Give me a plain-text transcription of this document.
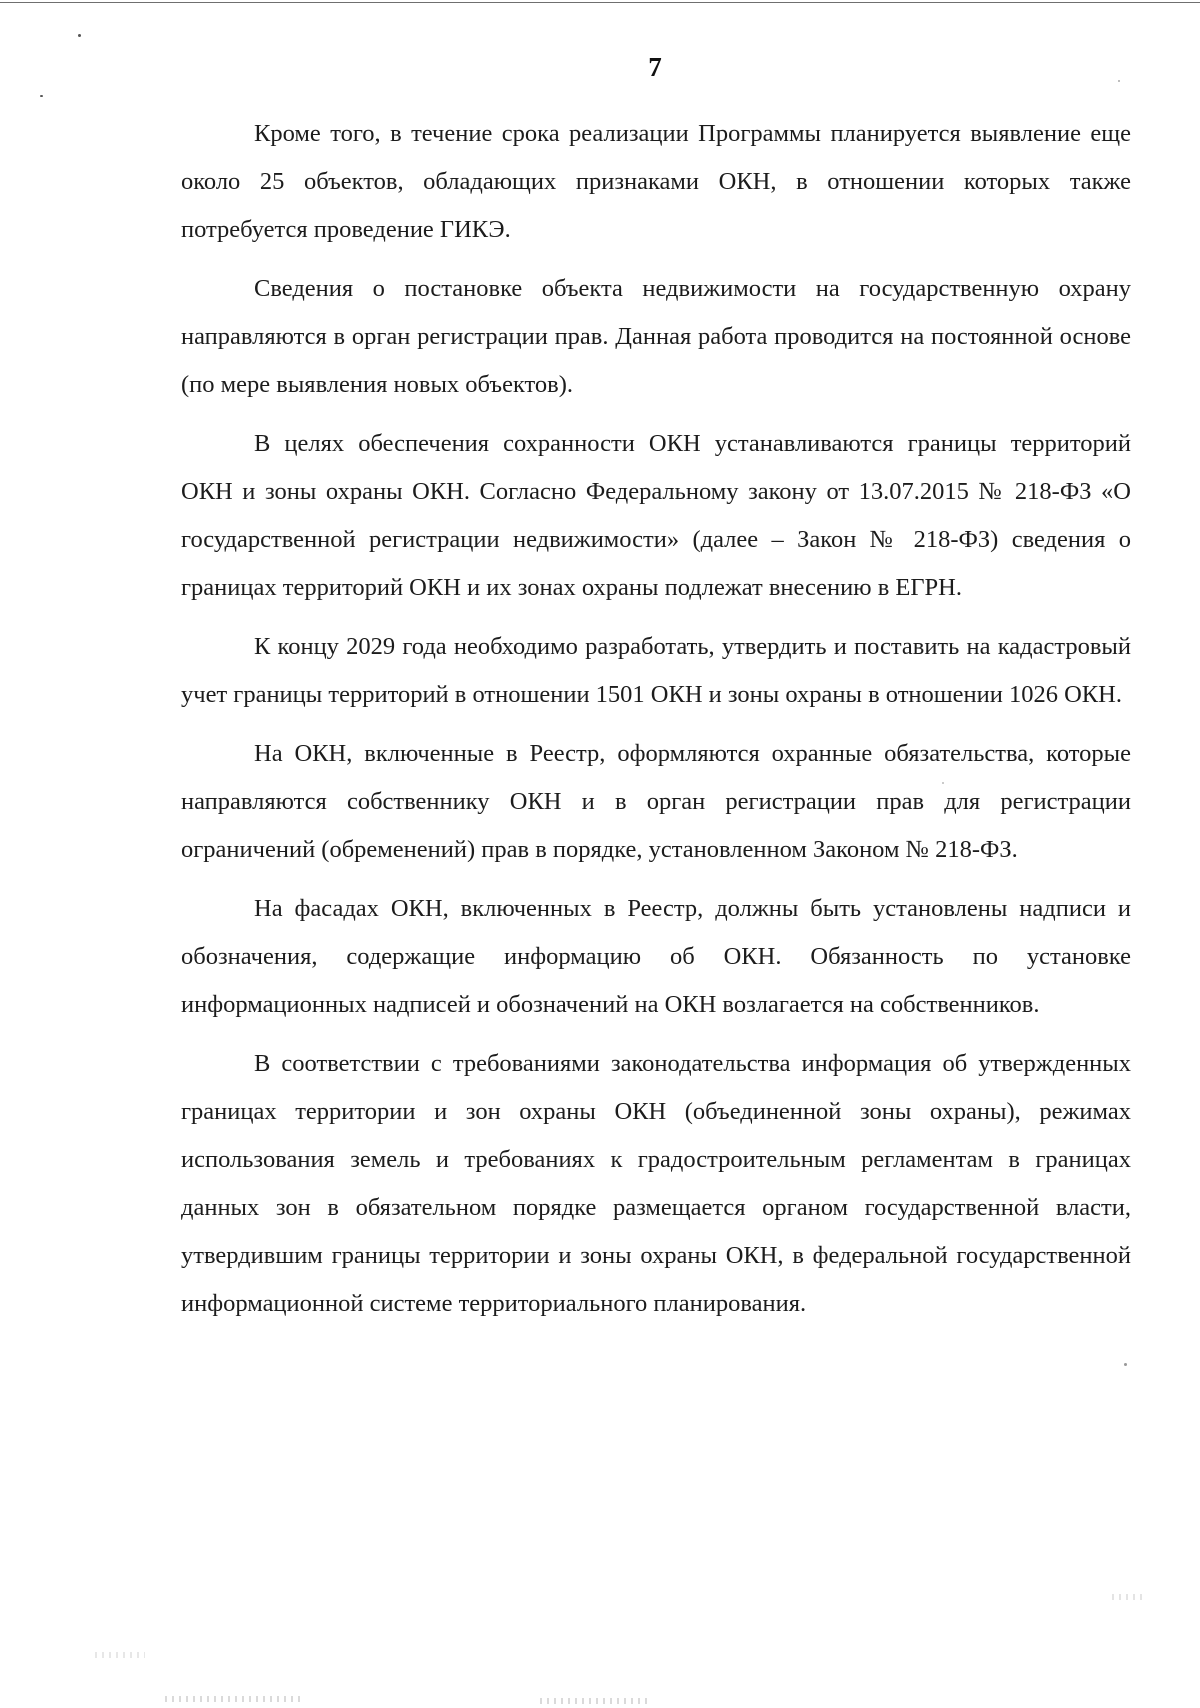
7

Кроме того, в течение срока реализации Программы планируется выявление еще около 25 объектов, обладающих признаками ОКН, в отношении которых также потребуется проведение ГИКЭ.

Сведения о постановке объекта недвижимости на государственную охрану направляются в орган регистрации прав. Данная работа проводится на постоянной основе (по мере выявления новых объектов).

В целях обеспечения сохранности ОКН устанавливаются границы территорий ОКН и зоны охраны ОКН. Согласно Федеральному закону от 13.07.2015 № 218-ФЗ «О государственной регистрации недвижимости» (далее – Закон № 218-ФЗ) сведения о границах территорий ОКН и их зонах охраны подлежат внесению в ЕГРН.

К концу 2029 года необходимо разработать, утвердить и поставить на кадастровый учет границы территорий в отношении 1501 ОКН и зоны охраны в отношении 1026 ОКН.

На ОКН, включенные в Реестр, оформляются охранные обязательства, которые направляются собственнику ОКН и в орган регистрации прав для регистрации ограничений (обременений) прав в порядке, установленном Законом № 218-ФЗ.

На фасадах ОКН, включенных в Реестр, должны быть установлены надписи и обозначения, содержащие информацию об ОКН. Обязанность по установке информационных надписей и обозначений на ОКН возлагается на собственников.

В соответствии с требованиями законодательства информация об утвержденных границах территории и зон охраны ОКН (объединенной зоны охраны), режимах использования земель и требованиях к градостроительным регламентам в границах данных зон в обязательном порядке размещается органом государственной власти, утвердившим границы территории и зоны охраны ОКН, в федеральной государственной информационной системе территориального планирования.
